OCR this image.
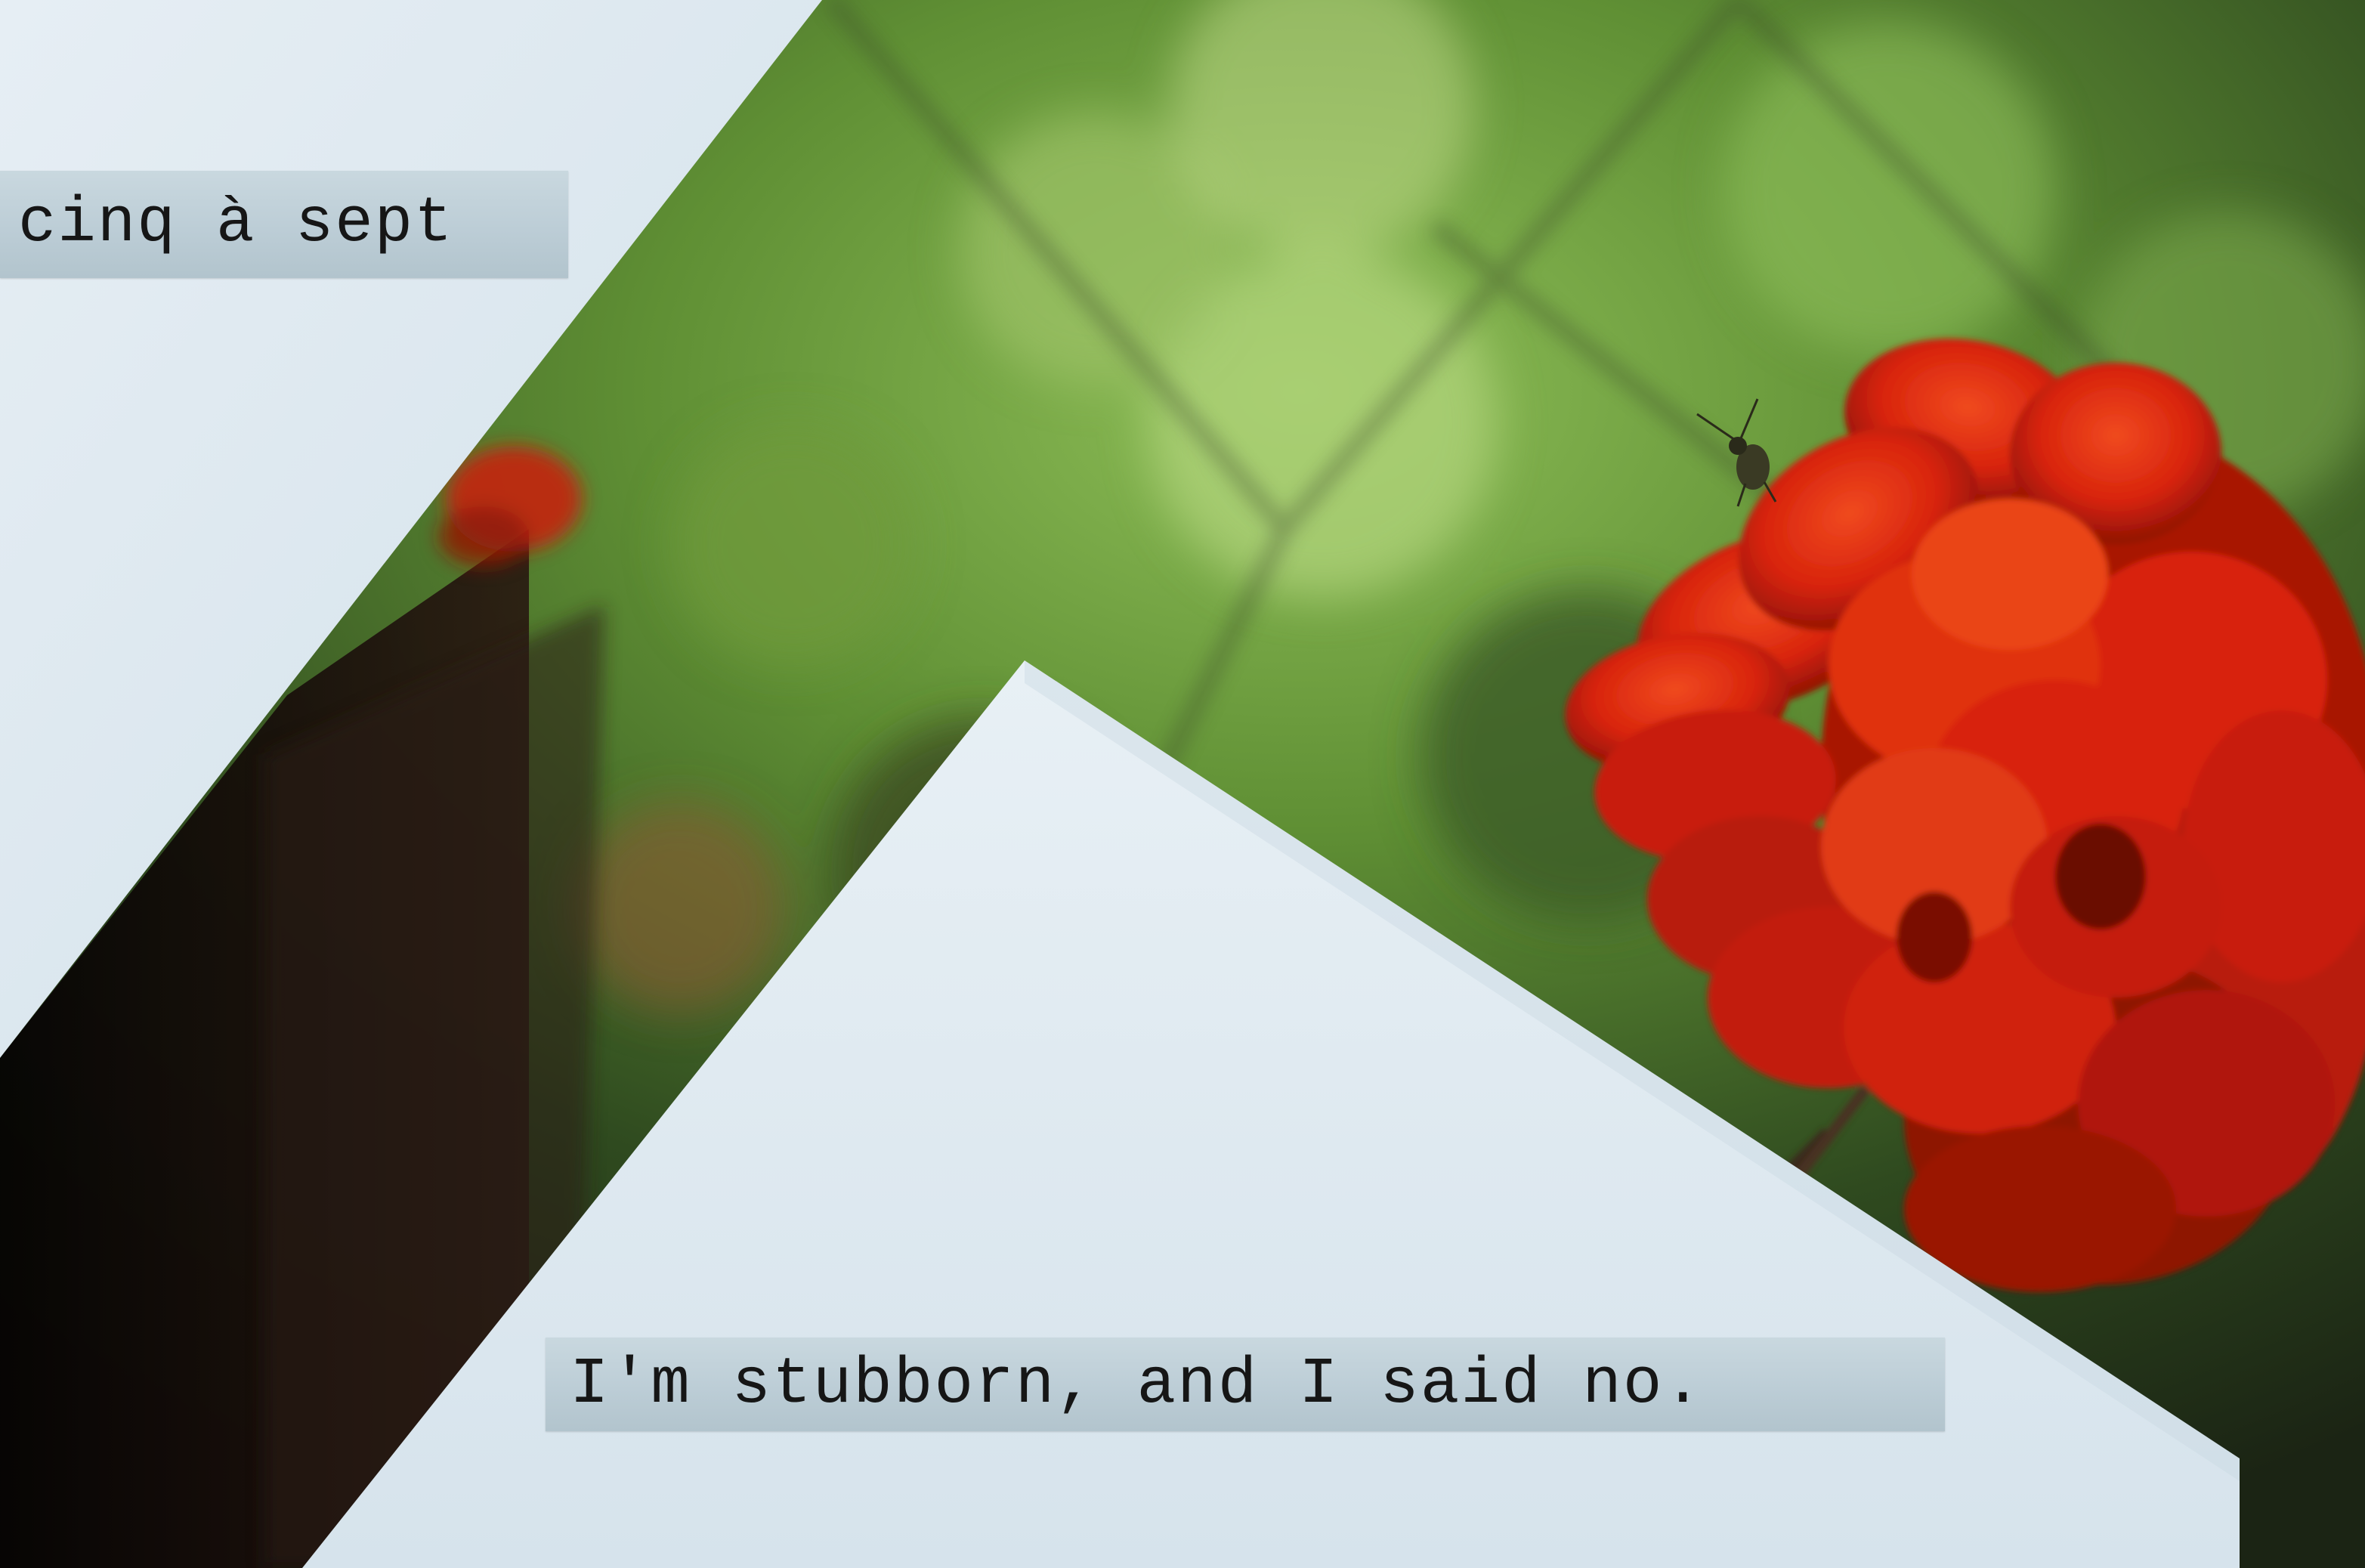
cinq à sept
I'm stubborn, and I said no.
